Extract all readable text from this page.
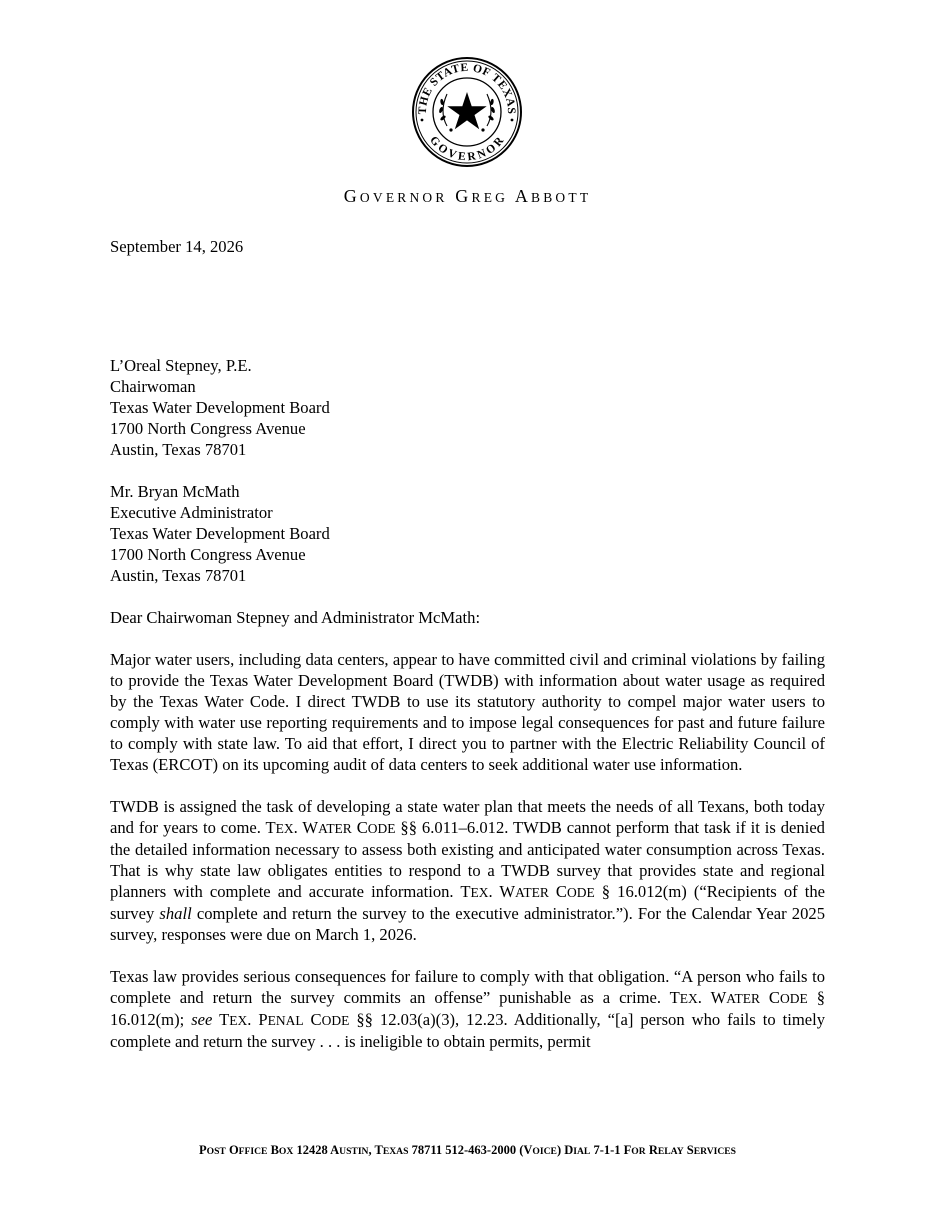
THE STATE OF TEXAS
GOVERNOR
GOVERNOR GREG ABBOTT

September 14, 2026

L’Oreal Stepney, P.E.
Chairwoman
Texas Water Development Board
1700 North Congress Avenue
Austin, Texas 78701
Mr. Bryan McMath
Executive Administrator
Texas Water Development Board
1700 North Congress Avenue
Austin, Texas 78701

Dear Chairwoman Stepney and Administrator McMath:

Major water users, including data centers, appear to have committed civil and criminal violations by failing to provide the Texas Water Development Board (TWDB) with information about water usage as required by the Texas Water Code. I direct TWDB to use its statutory authority to compel major water users to comply with water use reporting requirements and to impose legal consequences for past and future failure to comply with state law. To aid that effort, I direct you to partner with the Electric Reliability Council of Texas (ERCOT) on its upcoming audit of data centers to seek additional water use information.

TWDB is assigned the task of developing a state water plan that meets the needs of all Texans, both today and for years to come. TEX. WATER CODE §§ 6.011–6.012. TWDB cannot perform that task if it is denied the detailed information necessary to assess both existing and anticipated water consumption across Texas. That is why state law obligates entities to respond to a TWDB survey that provides state and regional planners with complete and accurate information. TEX. WATER CODE § 16.012(m) (“Recipients of the survey shall complete and return the survey to the executive administrator.”). For the Calendar Year 2025 survey, responses were due on March 1, 2026.

Texas law provides serious consequences for failure to comply with that obligation. “A person who fails to complete and return the survey commits an offense” punishable as a crime. TEX. WATER CODE § 16.012(m); see TEX. PENAL CODE §§ 12.03(a)(3), 12.23. Additionally, “[a] person who fails to timely complete and return the survey . . . is ineligible to obtain permits, permit

POST OFFICE BOX 12428 AUSTIN, TEXAS 78711 512-463-2000 (VOICE) DIAL 7-1-1 FOR RELAY SERVICES
